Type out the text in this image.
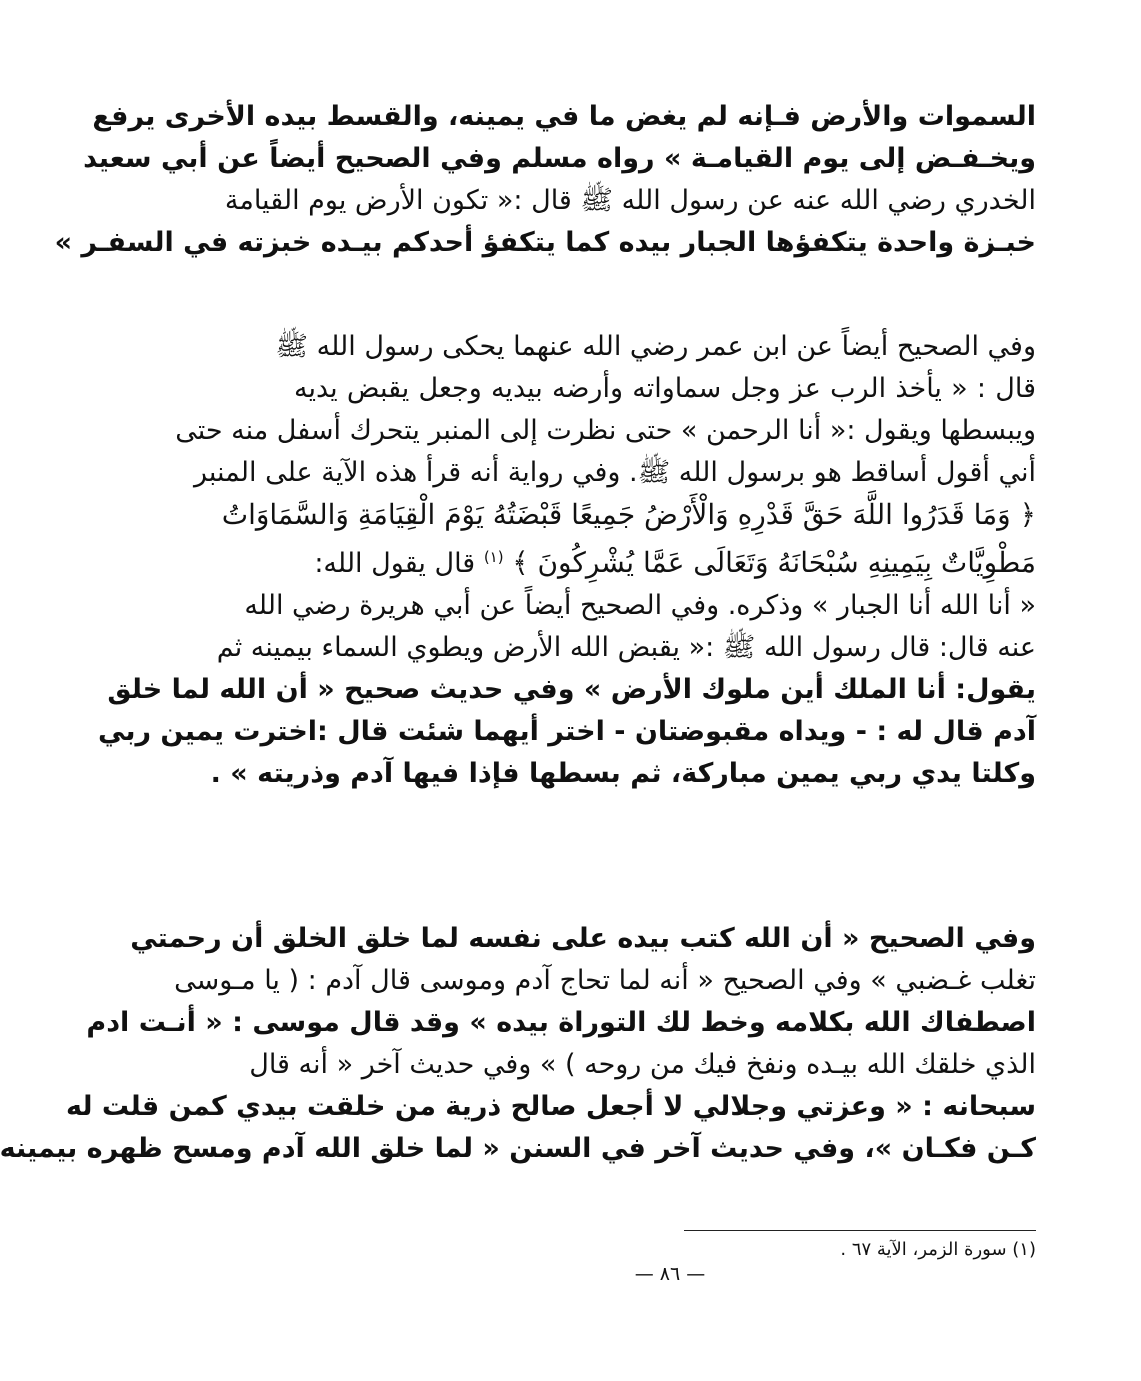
السموات والأرض فـإنه لم يغض ما في يمينه، والقسط بيده الأخرى يرفع
ويخـفـض إلى يوم القيامـة » رواه مسلم وفي الصحيح أيضاً عن أبي سعيد
الخدري رضي الله عنه عن رسول الله ﷺ قال :« تكون الأرض يوم القيامة
خبـزة واحدة يتكفؤها الجبار بيده كما يتكفؤ أحدكم بيـده خبزته في السفـر »
وفي الصحيح أيضاً عن ابن عمر رضي الله عنهما يحكى رسول الله ﷺ
قال : « يأخذ الرب عز وجل سماواته وأرضه بيديه وجعل يقبض يديه
ويبسطها ويقول :« أنا الرحمن » حتى نظرت إلى المنبر يتحرك أسفل منه حتى
أني أقول أساقط هو برسول الله ﷺ. وفي رواية أنه قرأ هذه الآية على المنبر
﴿ وَمَا قَدَرُوا اللَّهَ حَقَّ قَدْرِهِ وَالْأَرْضُ جَمِيعًا قَبْضَتُهُ يَوْمَ الْقِيَامَةِ وَالسَّمَاوَاتُ
مَطْوِيَّاتٌ بِيَمِينِهِ سُبْحَانَهُ وَتَعَالَى عَمَّا يُشْرِكُونَ ﴾ $^{(١)}$ قال يقول الله:
« أنا الله أنا الجبار » وذكره. وفي الصحيح أيضاً عن أبي هريرة رضي الله
عنه قال: قال رسول الله ﷺ :« يقبض الله الأرض ويطوي السماء بيمينه ثم
يقول: أنا الملك أين ملوك الأرض » وفي حديث صحيح « أن الله لما خلق
آدم قال له : - ويداه مقبوضتان - اختر أيهما شئت قال :اخترت يمين ربي
وكلتا يدي ربي يمين مباركة، ثم بسطها فإذا فيها آدم وذريته » .
وفي الصحيح « أن الله كتب بيده على نفسه لما خلق الخلق أن رحمتي
تغلب غـضبي » وفي الصحيح « أنه لما تحاج آدم وموسى قال آدم : ( يا مـوسى
اصطفاك الله بكلامه وخط لك التوراة بيده » وقد قال موسى : « أنـت ادم
الذي خلقك الله بيـده ونفخ فيك من روحه ) » وفي حديث آخر « أنه قال
سبحانه : « وعزتي وجلالي لا أجعل صالح ذرية من خلقت بيدي كمن قلت له
كـن فكـان »، وفي حديث آخر في السنن « لما خلق الله آدم ومسح ظهره بيمينه
(١) سورة الزمر، الآية ٦٧ .
— ٨٦ —
